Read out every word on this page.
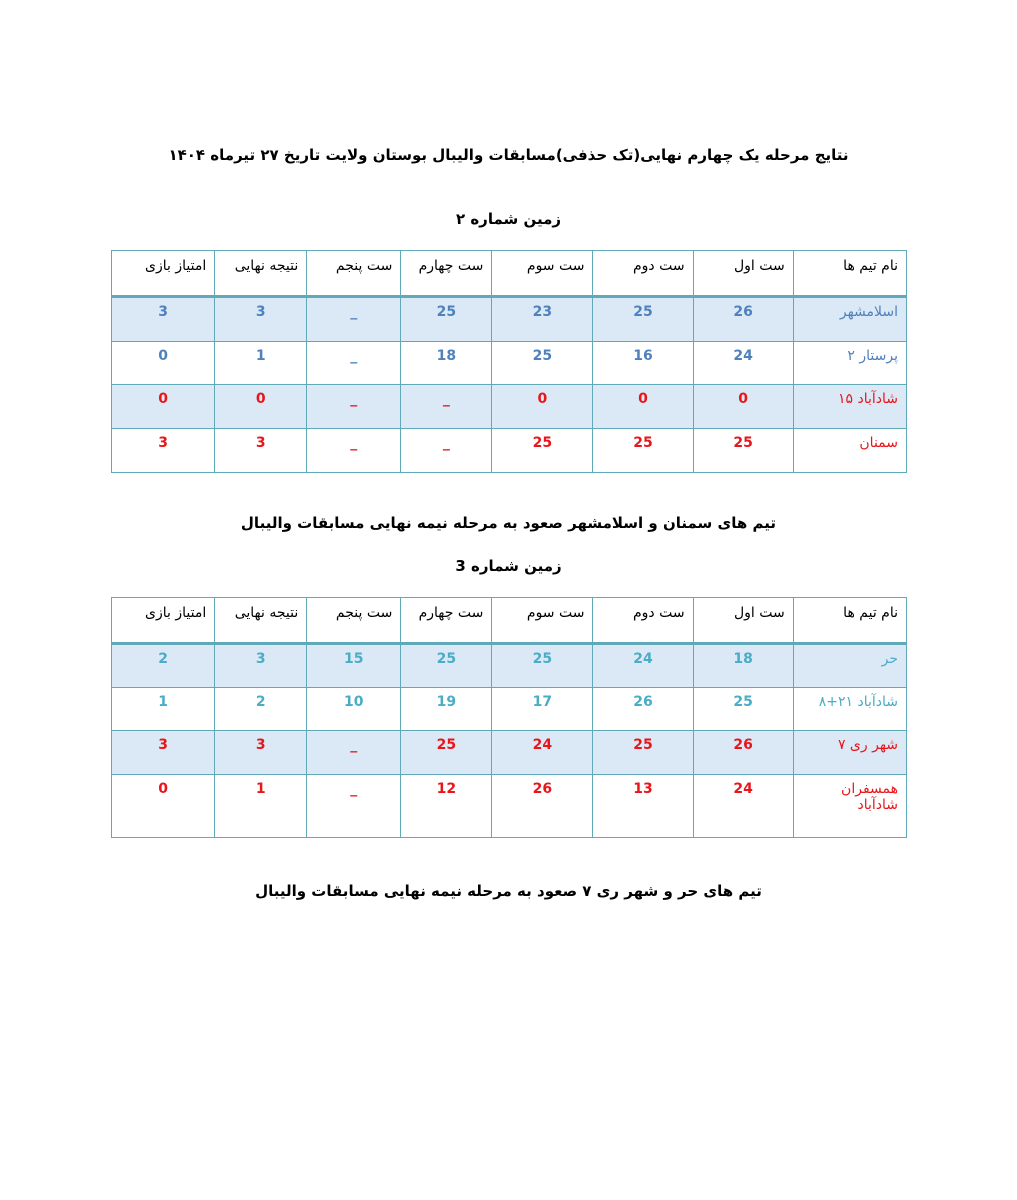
نتایج مرحله یک چهارم نهایی(تک حذفی)مسابقات والیبال بوستان ولایت تاریخ ۲۷ تیرماه ۱۴۰۴
زمین شماره ۲
نام تیم ها	ست اول	ست دوم	ست سوم	ست چهارم	ست پنجم	نتیجه نهایی	امتیاز بازی
اسلامشهر	26	25	23	25	_	3	3
پرستار ۲	24	16	25	18	_	1	0
شادآباد ۱۵	0	0	0	_	_	0	0
سمنان	25	25	25	_	_	3	3
تیم های سمنان و اسلامشهر صعود به مرحله نیمه نهایی مسابقات والیبال
زمین شماره 3
نام تیم ها	ست اول	ست دوم	ست سوم	ست چهارم	ست پنجم	نتیجه نهایی	امتیاز بازی
حر	18	24	25	25	15	3	2
شادآباد ۲۱+۸	25	26	17	19	10	2	1
شهر ری ۷	26	25	24	25	_	3	3
همسفران شادآباد	24	13	26	12	_	1	0
تیم های حر و شهر ری ۷ صعود به مرحله نیمه نهایی مسابقات والیبال
